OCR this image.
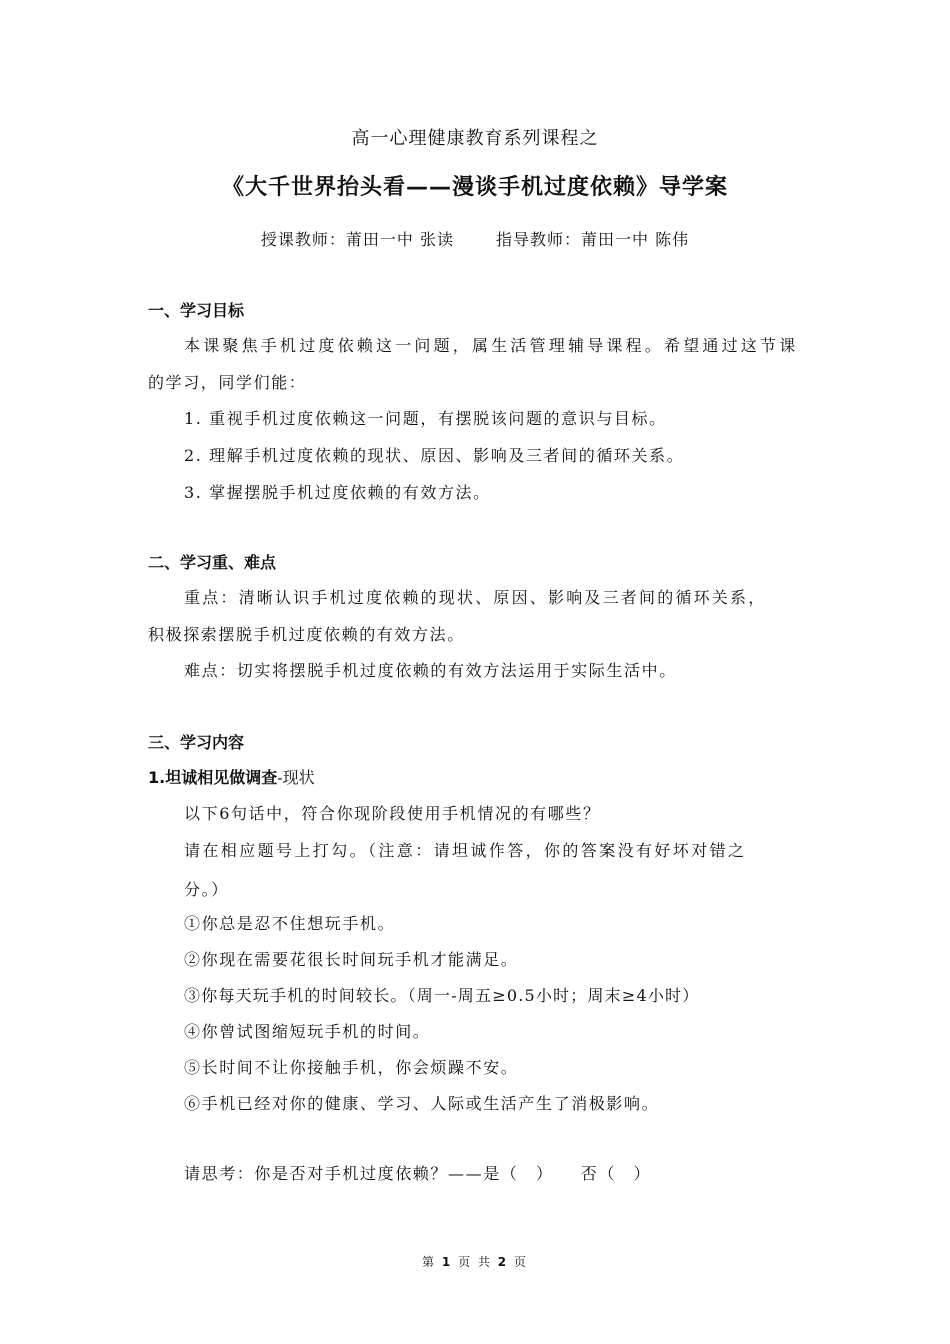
高一心理健康教育系列课程之
《大千世界抬头看——漫谈手机过度依赖》导学案
授课教师：莆田一中 张读	指导教师：莆田一中 陈伟
一、学习目标
本课聚焦手机过度依赖这一问题，属生活管理辅导课程。希望通过这节课
的学习，同学们能：
1. 重视手机过度依赖这一问题，有摆脱该问题的意识与目标。
2. 理解手机过度依赖的现状、原因、影响及三者间的循环关系。
3. 掌握摆脱手机过度依赖的有效方法。
二、学习重、难点
重点：清晰认识手机过度依赖的现状、原因、影响及三者间的循环关系，
积极探索摆脱手机过度依赖的有效方法。
难点：切实将摆脱手机过度依赖的有效方法运用于实际生活中。
三、学习内容
1.坦诚相见做调查-现状
以下6句话中，符合你现阶段使用手机情况的有哪些？
请在相应题号上打勾。（注意：请坦诚作答，你的答案没有好坏对错之
分。）
①你总是忍不住想玩手机。
②你现在需要花很长时间玩手机才能满足。
③你每天玩手机的时间较长。（周一-周五≥0.5小时；周末≥4小时）
④你曾试图缩短玩手机的时间。
⑤长时间不让你接触手机，你会烦躁不安。
⑥手机已经对你的健康、学习、人际或生活产生了消极影响。
请思考：你是否对手机过度依赖？——是（　）　　否（　）
第 1 页 共 2 页
